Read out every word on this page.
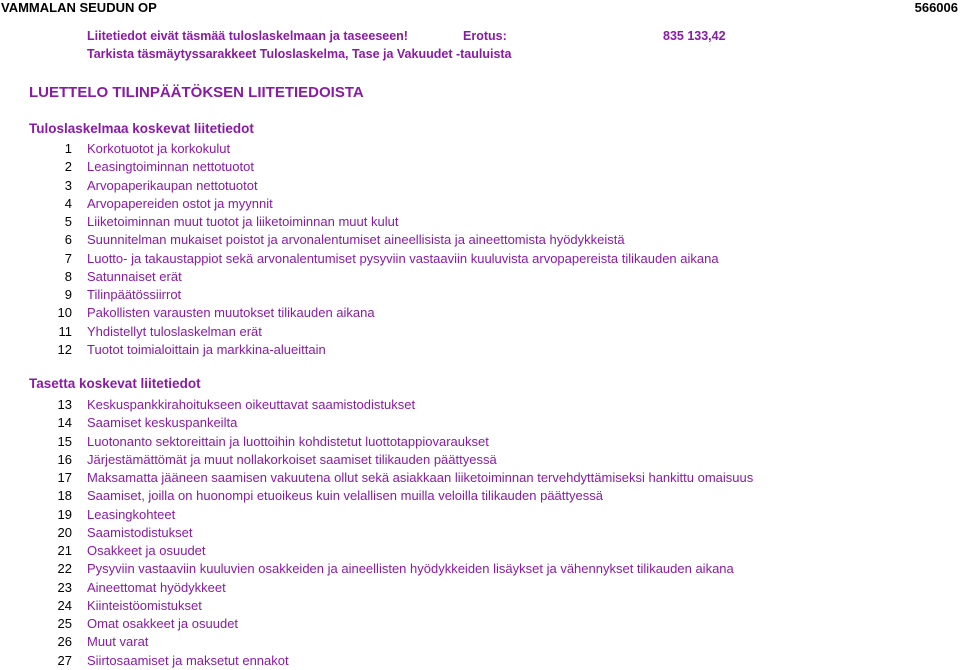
VAMMALAN SEUDUN OP	566006
Liitetiedot eivät täsmää tuloslaskelmaan ja taseeseen!	Erotus:	835 133,42
Tarkista täsmäytyssarakkeet Tuloslaskelma, Tase ja Vakuudet -tauluista
LUETTELO TILINPÄÄTÖKSEN LIITETIEDOISTA
Tuloslaskelmaa koskevat liitetiedot
1 Korkotuotot ja korkokulut
2 Leasingtoiminnan nettotuotot
3 Arvopaperikaupan nettotuotot
4 Arvopapereiden ostot ja myynnit
5 Liiketoiminnan muut tuotot ja liiketoiminnan muut kulut
6 Suunnitelman mukaiset poistot ja arvonalentumiset aineellisista ja aineettomista hyödykkeistä
7 Luotto- ja takaustappiot sekä arvonalentumiset pysyviin vastaaviin kuuluvista arvopapereista tilikauden aikana
8 Satunnaiset erät
9 Tilinpäätössiirrot
10 Pakollisten varausten muutokset tilikauden aikana
11 Yhdistellyt tuloslaskelman erät
12 Tuotot toimialoittain ja markkina-alueittain
Tasetta koskevat liitetiedot
13 Keskuspankkirahoitukseen oikeuttavat saamistodistukset
14 Saamiset keskuspankeilta
15 Luotonanto sektoreittain ja luottoihin kohdistetut luottotappiovaraukset
16 Järjestämättömät ja muut nollakorkoiset saamiset tilikauden päättyessä
17 Maksamatta jääneen saamisen vakuutena ollut sekä asiakkaan liiketoiminnan tervehdyttämiseksi hankittu omaisuus
18 Saamiset, joilla on huonompi etuoikeus kuin velallisen muilla veloilla tilikauden päättyessä
19 Leasingkohteet
20 Saamistodistukset
21 Osakkeet ja osuudet
22 Pysyviin vastaaviin kuuluvien osakkeiden ja aineellisten hyödykkeiden lisäykset ja vähennykset tilikauden aikana
23 Aineettomat hyödykkeet
24 Kiinteistöomistukset
25 Omat osakkeet ja osuudet
26 Muut varat
27 Siirtosaamiset ja maksetut ennakot
